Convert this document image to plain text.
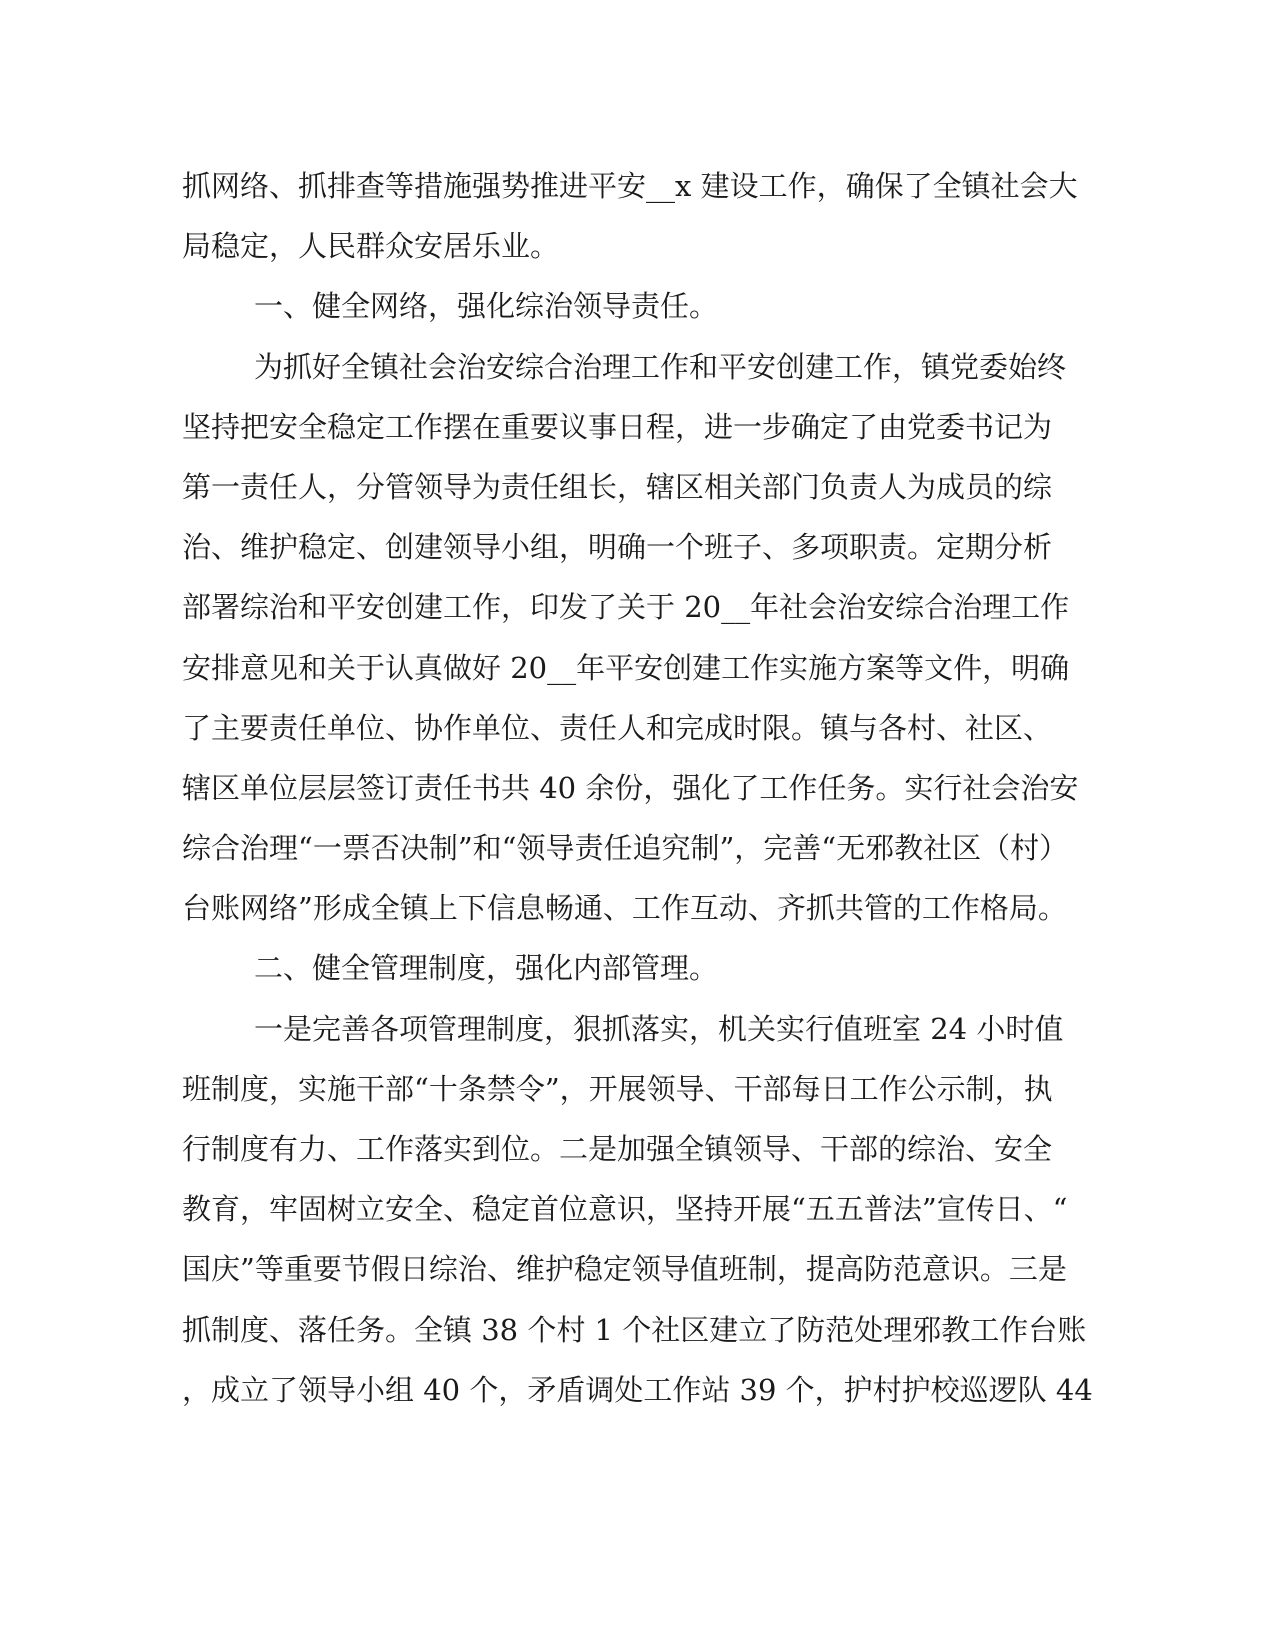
抓网络、抓排查等措施强势推进平安__x 建设工作，确保了全镇社会大
局稳定，人民群众安居乐业。
一、健全网络，强化综治领导责任。
为抓好全镇社会治安综合治理工作和平安创建工作，镇党委始终
坚持把安全稳定工作摆在重要议事日程，进一步确定了由党委书记为
第一责任人，分管领导为责任组长，辖区相关部门负责人为成员的综
治、维护稳定、创建领导小组，明确一个班子、多项职责。定期分析
部署综治和平安创建工作，印发了关于 20__年社会治安综合治理工作
安排意见和关于认真做好 20__年平安创建工作实施方案等文件，明确
了主要责任单位、协作单位、责任人和完成时限。镇与各村、社区、
辖区单位层层签订责任书共 40 余份，强化了工作任务。实行社会治安
综合治理“一票否决制”和“领导责任追究制”，完善“无邪教社区（村）
台账网络”形成全镇上下信息畅通、工作互动、齐抓共管的工作格局。
二、健全管理制度，强化内部管理。
一是完善各项管理制度，狠抓落实，机关实行值班室 24 小时值
班制度，实施干部“十条禁令”，开展领导、干部每日工作公示制，执
行制度有力、工作落实到位。二是加强全镇领导、干部的综治、安全
教育，牢固树立安全、稳定首位意识，坚持开展“五五普法”宣传日、“
国庆”等重要节假日综治、维护稳定领导值班制，提高防范意识。三是
抓制度、落任务。全镇 38 个村 1 个社区建立了防范处理邪教工作台账
，成立了领导小组 40 个，矛盾调处工作站 39 个，护村护校巡逻队 44
